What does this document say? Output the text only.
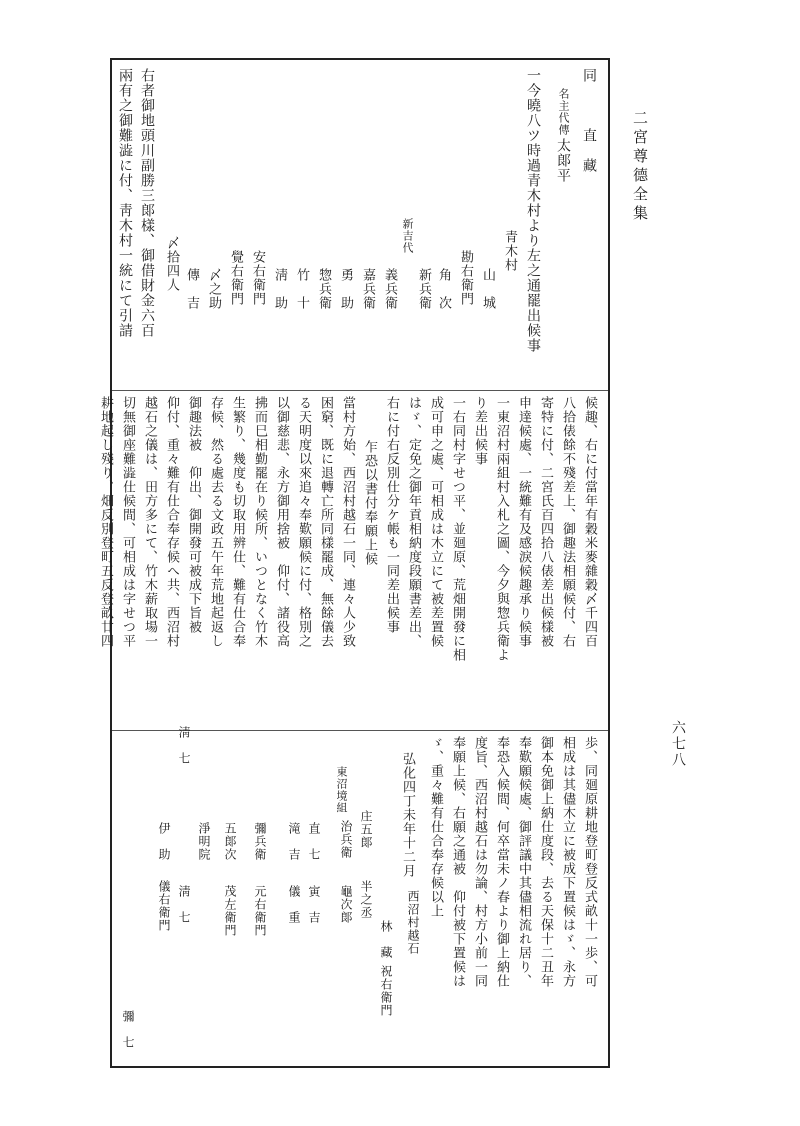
二宮尊德全集
六七八
同
直　藏
名主代傳
太郞平
一今曉八ツ時過青木村より左之通罷出候事
青木村
山　城
勘右衛門
角　次
新兵衛
新吉代
義兵衛
嘉兵衛
勇　助
惣兵衛
竹　十
淸　助
安右衛門
覺右衛門
〆之助
傳　吉
〆拾四人
右者御地頭川副勝三郞樣、御借財金六百
兩有之御難澁に付、靑木村一統にて引請
候趣、右に付當年有穀米麥雜穀〆千四百
八拾俵餘不殘差上、御趣法相願候付、右
寄特に付、二宮氏百四拾八俵差出候樣被
申達候處、一統難有及感淚候趣承り候事
一東沼村兩組村入札之圖、今夕與惣兵衛よ
り差出候事
一右同村字せつ平、並廻原、荒畑開發に相
成可申之處、可相成は木立にて被差置候
はゞ、定免之御年貢相納度段願書差出、
右に付右反別仕分ケ帳も一同差出候事
乍恐以書付奉願上候
當村方始、西沼村越石一同、連々人少致
困窮、既に退轉亡所同樣罷成、無餘儀去
る天明度以來追々奉歎願候に付、格別之
以御慈悲、永方御用捨被　仰付、諸役高
拂而巳相勤罷在り候所、いつとなく竹木
生繁り、幾度も切取用辨仕、難有仕合奉
存候、然る處去る文政五午年荒地起返し
御趣法被　仰出、御開發可被成下旨被
仰付、重々難有仕合奉存候へ共、西沼村
越石之儀は、田方多にて、竹木薪取場一
切無御座難澁仕候間、可相成は字せつ平
耕地起し殘り、畑反別登町五反登畝廿四
歩、同廻原耕地登町登反式畝十一歩、可
相成は其儘木立に被成下置候はゞ、永方
御本免御上納仕度段、去る天保十二丑年
奉歎願候處、御評議中其儘相流れ居り、
奉恐入候間、何卒當未ノ春より御上納仕
度旨、西沼村越石は勿論、村方小前一同
奉願上候、右願之通被　仰付被下置候は
ゞ、重々難有仕合奉存候以上
弘化四丁未年十二月
西沼村越石
東沼境組
林　藏
祝右衛門
庄五郞
半之丞
治兵衛
龜次郞
直　七
寅　吉
滝　吉
儀　重
彌兵衛
元右衛門
五郞次
茂左衛門
淨明院
淸　七
淸　七
伊　助
儀右衛門
彌　七
